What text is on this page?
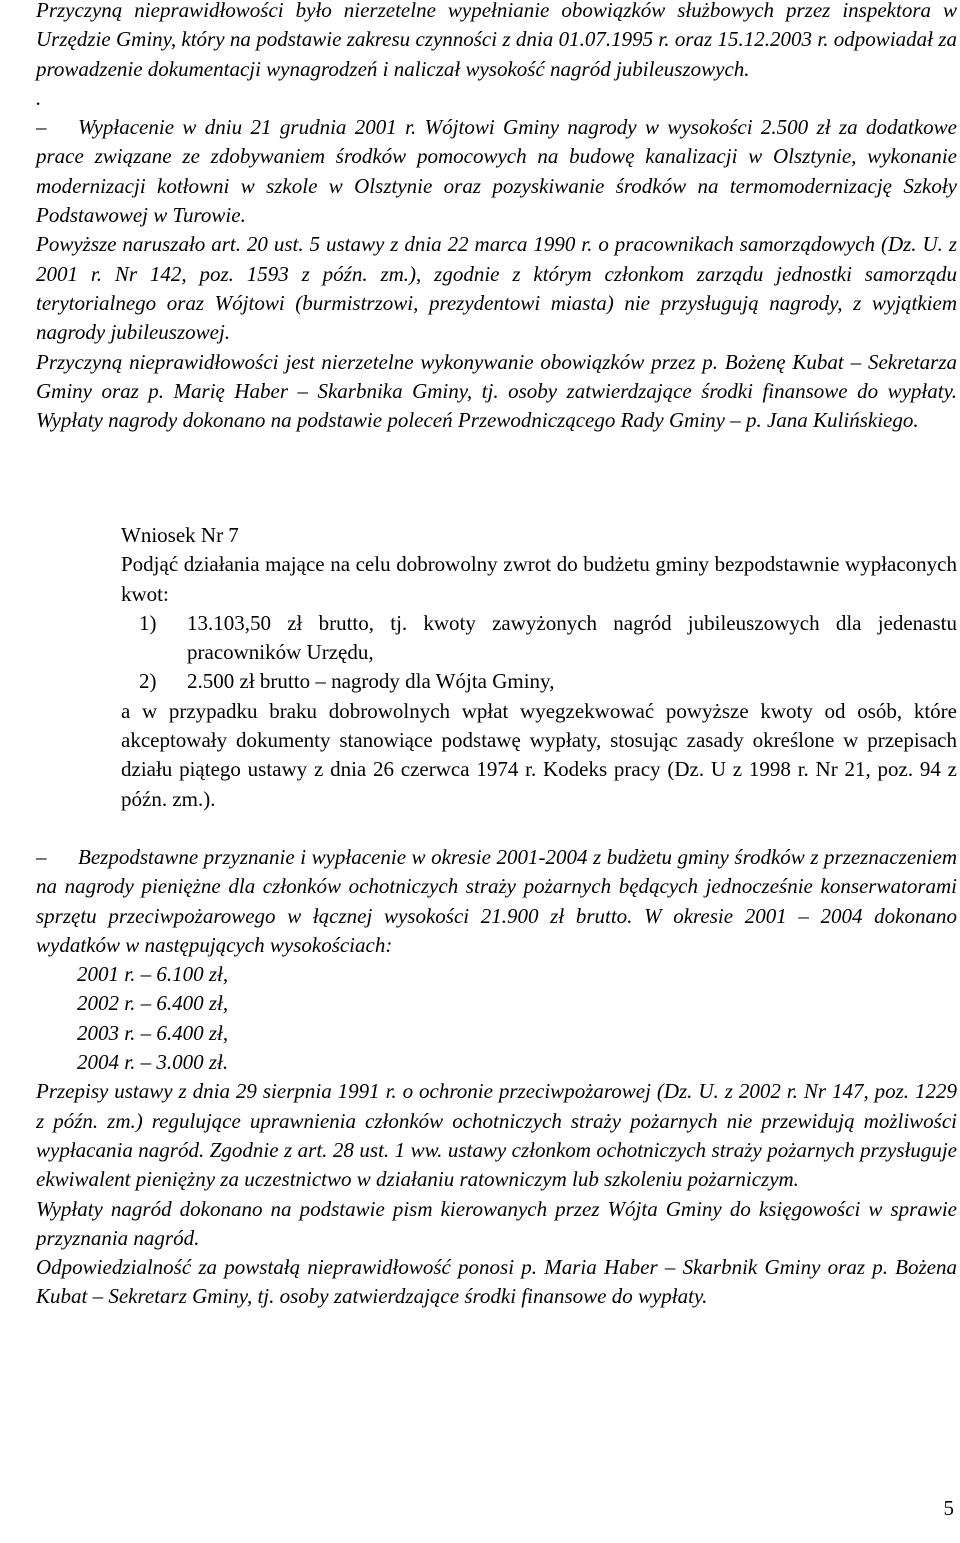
Przyczyną nieprawidłowości było nierzetelne wypełnianie obowiązków służbowych przez inspektora w Urzędzie Gminy, który na podstawie zakresu czynności z dnia 01.07.1995 r. oraz 15.12.2003 r. odpowiadał za prowadzenie dokumentacji wynagrodzeń i naliczał wysokość nagród jubileuszowych.

.

– Wypłacenie w dniu 21 grudnia 2001 r. Wójtowi Gminy nagrody w wysokości 2.500 zł za dodatkowe prace związane ze zdobywaniem środków pomocowych na budowę kanalizacji w Olsztynie, wykonanie modernizacji kotłowni w szkole w Olsztynie oraz pozyskiwanie środków na termomodernizację Szkoły Podstawowej w Turowie.

Powyższe naruszało art. 20 ust. 5 ustawy z dnia 22 marca 1990 r. o pracownikach samorządowych (Dz. U. z 2001 r. Nr 142, poz. 1593 z późn. zm.), zgodnie z którym członkom zarządu jednostki samorządu terytorialnego oraz Wójtowi (burmistrzowi, prezydentowi miasta) nie przysługują nagrody, z wyjątkiem nagrody jubileuszowej.

Przyczyną nieprawidłowości jest nierzetelne wykonywanie obowiązków przez p. Bożenę Kubat – Sekretarza Gminy oraz p. Marię Haber – Skarbnika Gminy, tj. osoby zatwierdzające środki finansowe do wypłaty. Wypłaty nagrody dokonano na podstawie poleceń Przewodniczącego Rady Gminy – p. Jana Kulińskiego.

Wniosek Nr 7

Podjąć działania mające na celu dobrowolny zwrot do budżetu gminy bezpodstawnie wypłaconych kwot:

1) 13.103,50 zł brutto, tj. kwoty zawyżonych nagród jubileuszowych dla jedenastu pracowników Urzędu,
2) 2.500 zł brutto – nagrody dla Wójta Gminy,

a w przypadku braku dobrowolnych wpłat wyegzekwować powyższe kwoty od osób, które akceptowały dokumenty stanowiące podstawę wypłaty, stosując zasady określone w przepisach działu piątego ustawy z dnia 26 czerwca 1974 r. Kodeks pracy (Dz. U z 1998 r. Nr 21, poz. 94 z późn. zm.).

– Bezpodstawne przyznanie i wypłacenie w okresie 2001-2004 z budżetu gminy środków z przeznaczeniem na nagrody pieniężne dla członków ochotniczych straży pożarnych będących jednocześnie konserwatorami sprzętu przeciwpożarowego w łącznej wysokości 21.900 zł brutto. W okresie 2001 – 2004 dokonano wydatków w następujących wysokościach:

2001 r. – 6.100 zł,
2002 r. – 6.400 zł,
2003 r. – 6.400 zł,
2004 r. – 3.000 zł.

Przepisy ustawy z dnia 29 sierpnia 1991 r. o ochronie przeciwpożarowej (Dz. U. z 2002 r. Nr 147, poz. 1229 z późn. zm.) regulujące uprawnienia członków ochotniczych straży pożarnych nie przewidują możliwości wypłacania nagród. Zgodnie z art. 28 ust. 1 ww. ustawy członkom ochotniczych straży pożarnych przysługuje ekwiwalent pieniężny za uczestnictwo w działaniu ratowniczym lub szkoleniu pożarniczym.

Wypłaty nagród dokonano na podstawie pism kierowanych przez Wójta Gminy do księgowości w sprawie przyznania nagród.

Odpowiedzialność za powstałą nieprawidłowość ponosi p. Maria Haber – Skarbnik Gminy oraz p. Bożena Kubat – Sekretarz Gminy, tj. osoby zatwierdzające środki finansowe do wypłaty.

5
